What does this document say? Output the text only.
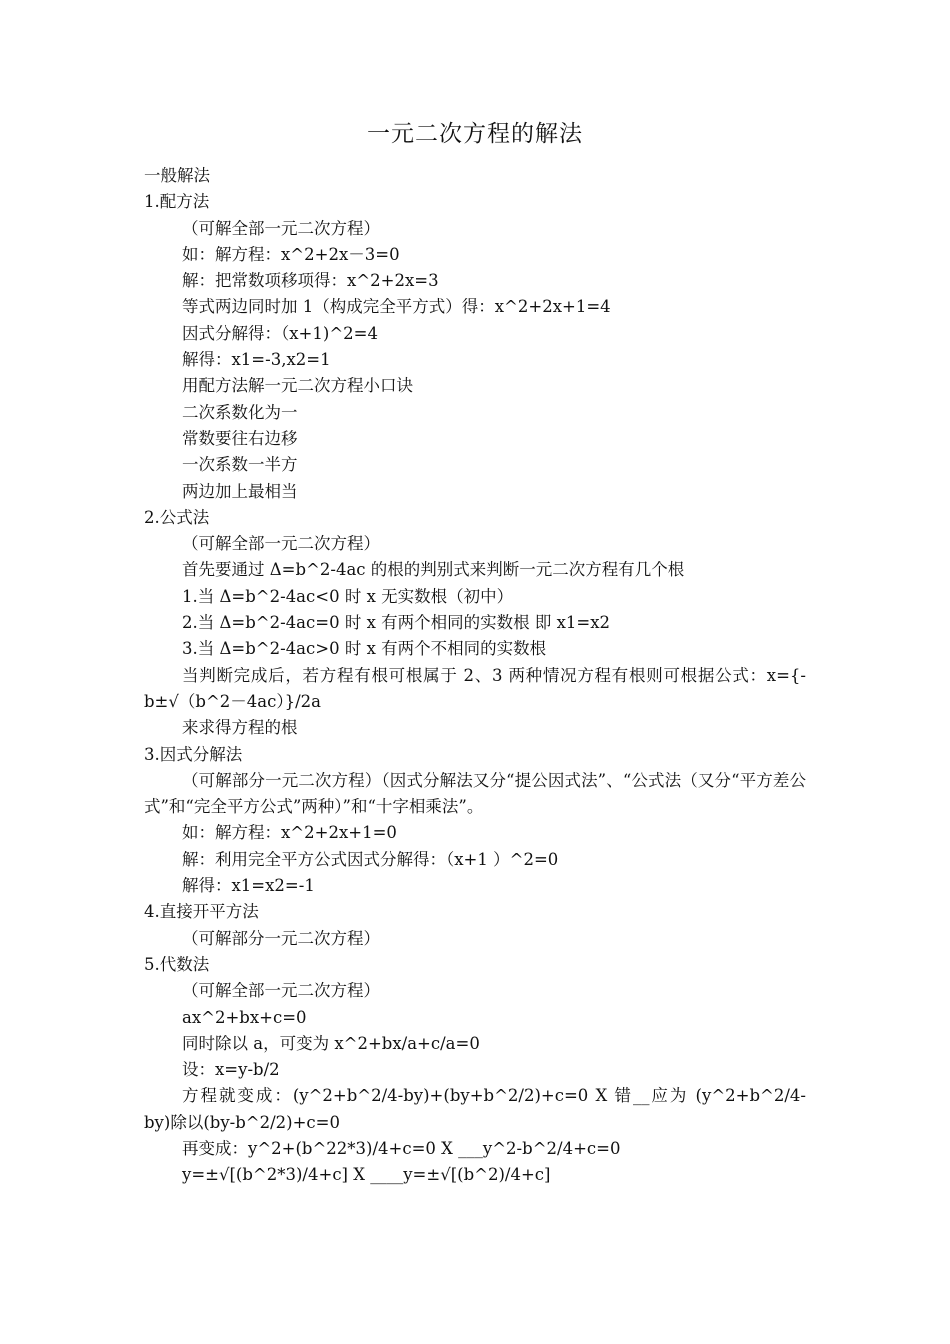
一元二次方程的解法
一般解法
1.配方法
（可解全部一元二次方程）
如：解方程：x^2+2x－3=0
解：把常数项移项得：x^2+2x=3
等式两边同时加 1（构成完全平方式）得：x^2+2x+1=4
因式分解得：（x+1)^2=4
解得：x1=-3,x2=1
用配方法解一元二次方程小口诀
二次系数化为一
常数要往右边移
一次系数一半方
两边加上最相当
2.公式法
（可解全部一元二次方程）
首先要通过 Δ=b^2-4ac 的根的判别式来判断一元二次方程有几个根
1.当 Δ=b^2-4ac<0 时 x 无实数根（初中）
2.当 Δ=b^2-4ac=0 时 x 有两个相同的实数根 即 x1=x2
3.当 Δ=b^2-4ac>0 时 x 有两个不相同的实数根
当判断完成后，若方程有根可根属于 2、3 两种情况方程有根则可根据公式：x={-b±√（b^2－4ac）}/2a
来求得方程的根
3.因式分解法
（可解部分一元二次方程）（因式分解法又分“提公因式法”、“公式法（又分“平方差公式”和“完全平方公式”两种）”和“十字相乘法”。
如：解方程：x^2+2x+1=0
解：利用完全平方公式因式分解得：（x+1 ）^2=0
解得：x1=x2=-1
4.直接开平方法
（可解部分一元二次方程）
5.代数法
（可解全部一元二次方程）
ax^2+bx+c=0
同时除以 a，可变为 x^2+bx/a+c/a=0
设：x=y-b/2
方程就变成：(y^2+b^2/4-by)+(by+b^2/2)+c=0 X 错__应为 (y^2+b^2/4-by)除以(by-b^2/2)+c=0
再变成：y^2+(b^22*3)/4+c=0 X ___y^2-b^2/4+c=0
y=±√[(b^2*3)/4+c] X ____y=±√[(b^2)/4+c]
